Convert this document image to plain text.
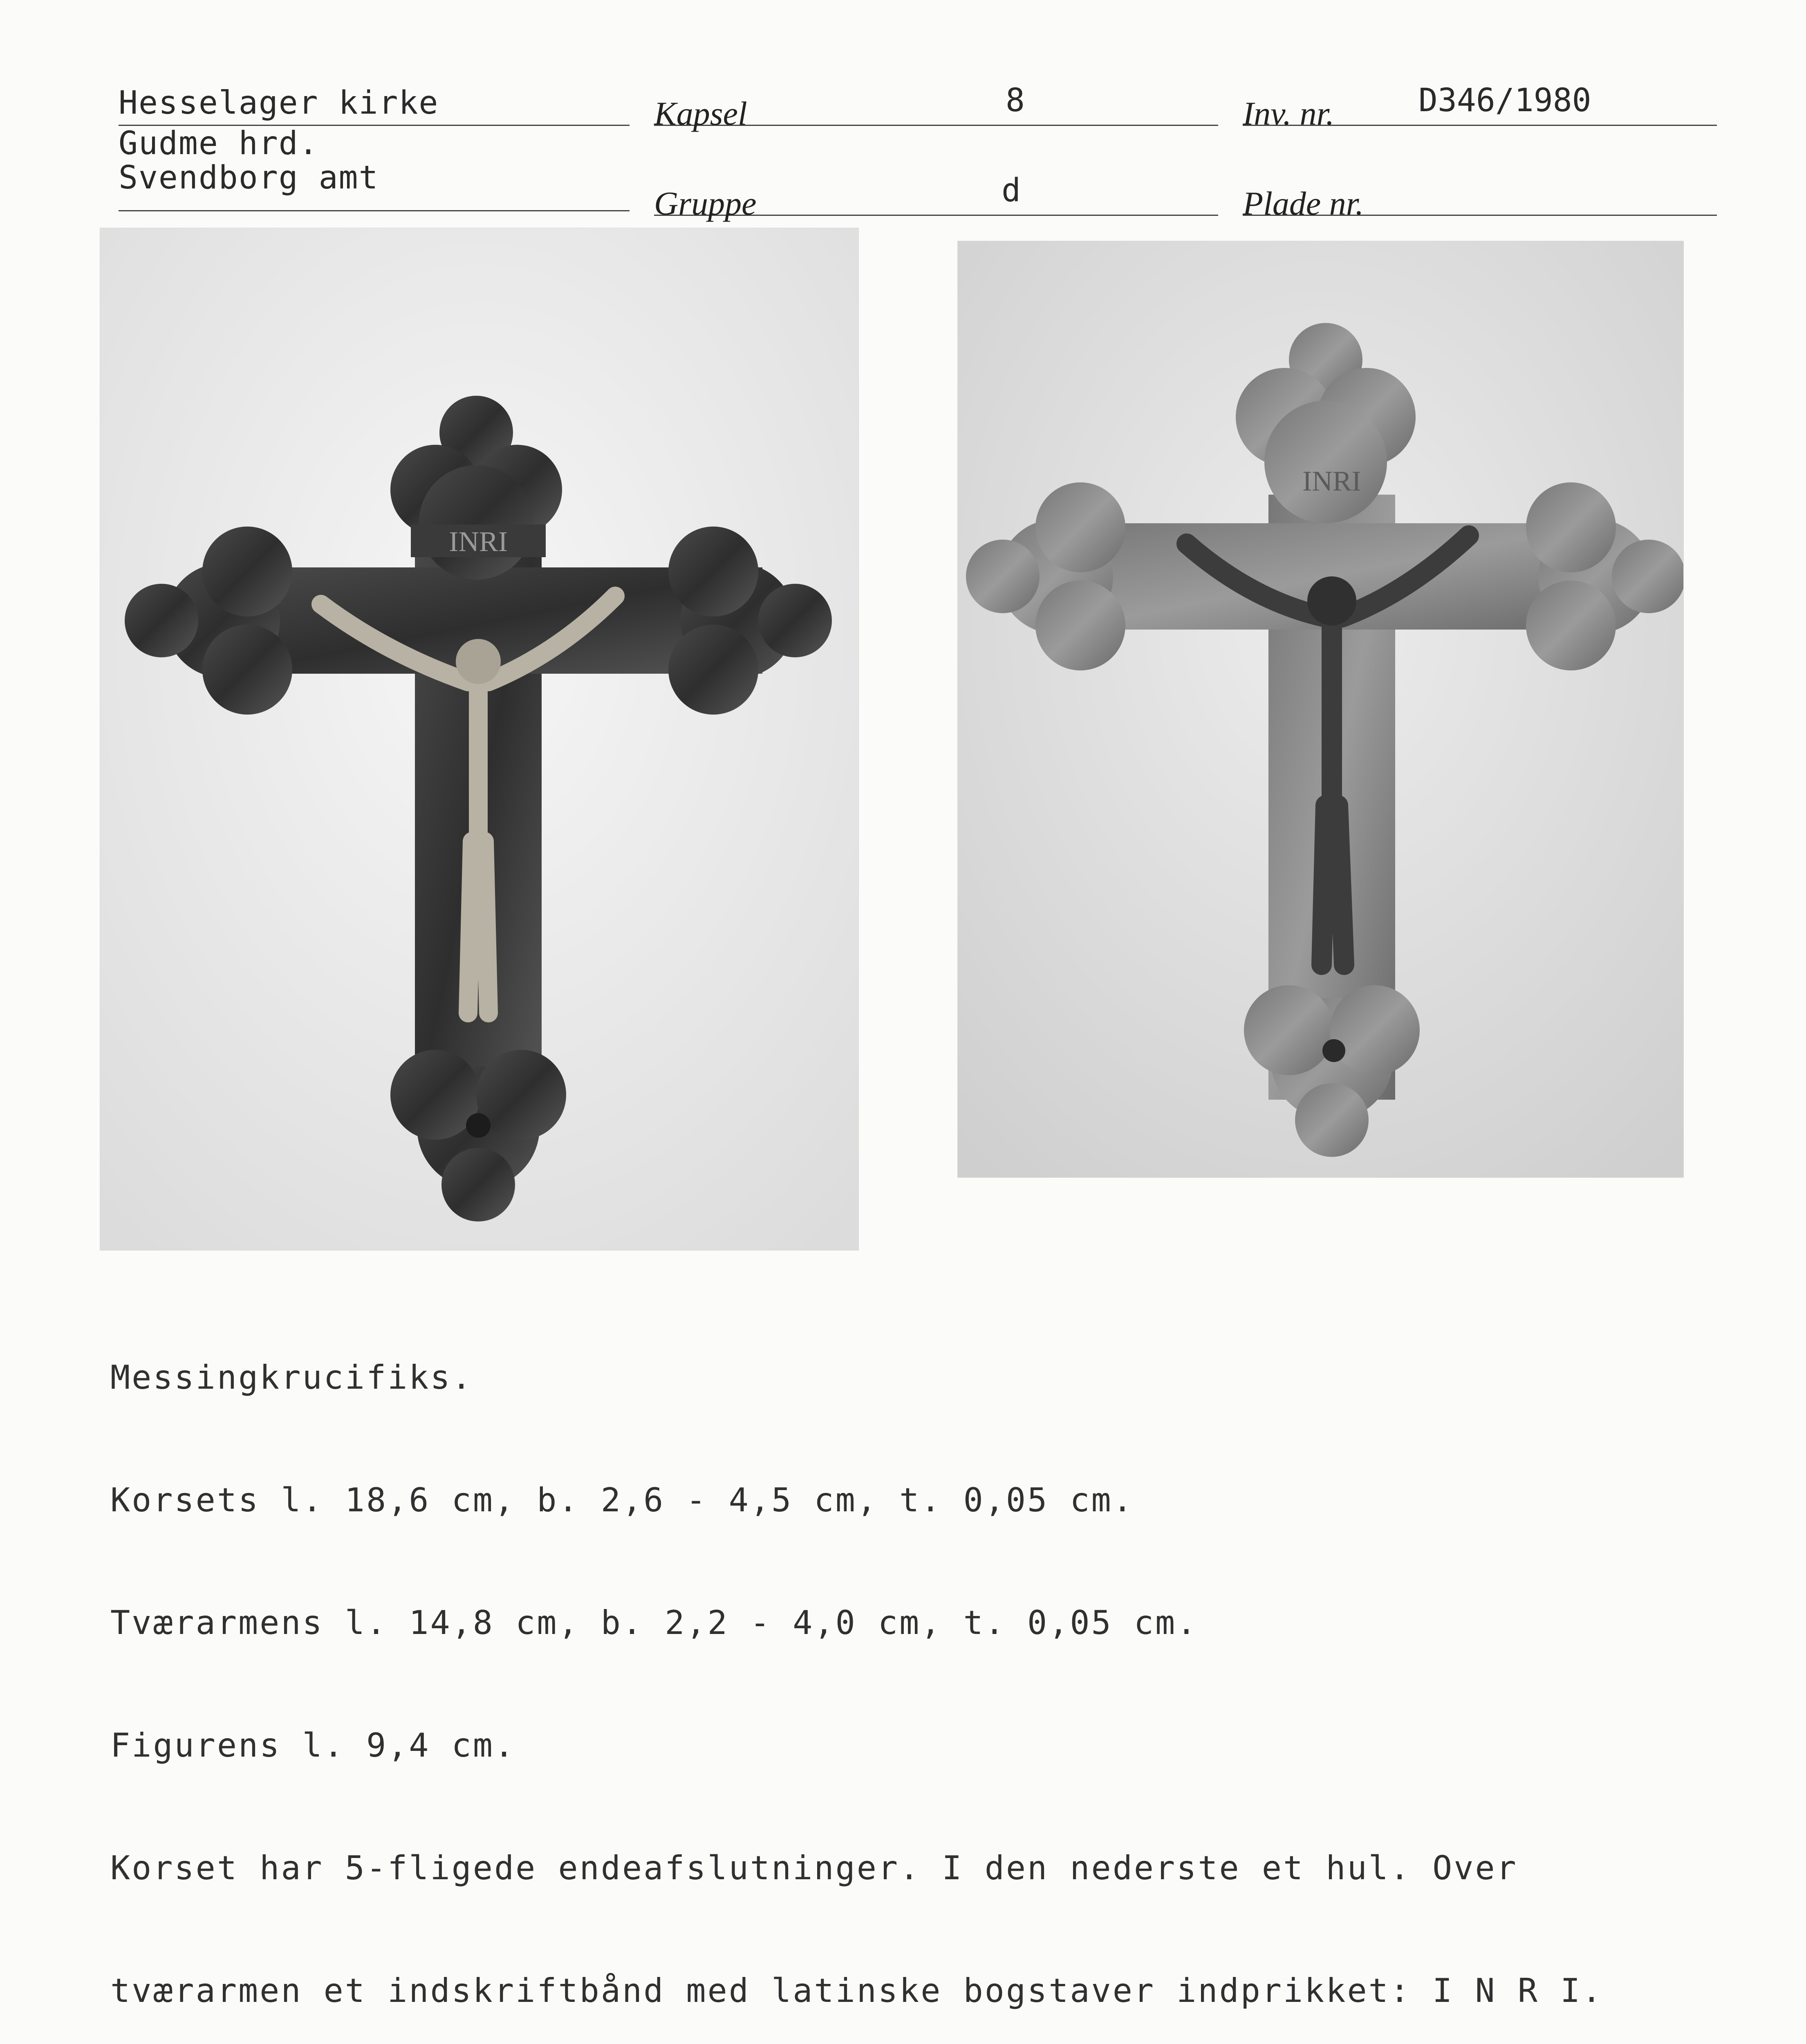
Hesselager kirke
Gudme hrd.
Svendborg amt
Kapsel	8	Inv. nr.	D346/1980
Gruppe	d	Plade nr.
INRI
INRI

Messingkrucifiks.

Korsets l. 18,6 cm, b. 2,6 - 4,5 cm, t. 0,05 cm.

Tværarmens l. 14,8 cm, b. 2,2 - 4,0 cm, t. 0,05 cm.

Figurens l. 9,4 cm.

Korset har 5-fligede endeafslutninger. I den nederste et hul. Over

tværarmen et indskriftbånd med latinske bogstaver indprikket: I N R I.
